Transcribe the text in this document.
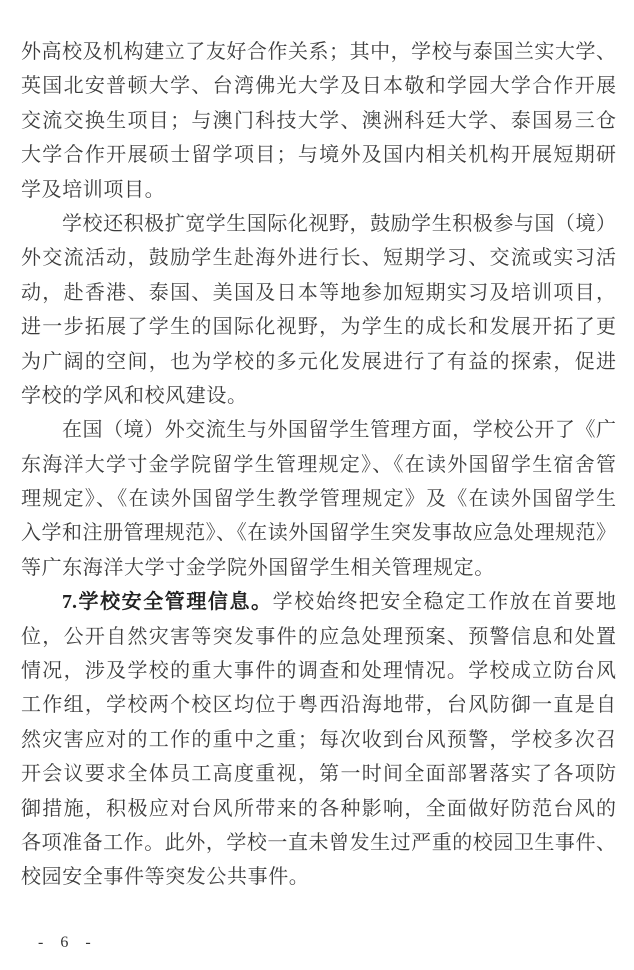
外高校及机构建立了友好合作关系；其中，学校与泰国兰实大学、
英国北安普顿大学、台湾佛光大学及日本敬和学园大学合作开展
交流交换生项目；与澳门科技大学、澳洲科廷大学、泰国易三仓
大学合作开展硕士留学项目；与境外及国内相关机构开展短期研
学及培训项目。
学校还积极扩宽学生国际化视野，鼓励学生积极参与国（境）
外交流活动，鼓励学生赴海外进行长、短期学习、交流或实习活
动，赴香港、泰国、美国及日本等地参加短期实习及培训项目，
进一步拓展了学生的国际化视野，为学生的成长和发展开拓了更
为广阔的空间，也为学校的多元化发展进行了有益的探索，促进
学校的学风和校风建设。
在国（境）外交流生与外国留学生管理方面，学校公开了《广
东海洋大学寸金学院留学生管理规定》、《在读外国留学生宿舍管
理规定》、《在读外国留学生教学管理规定》及《在读外国留学生
入学和注册管理规范》、《在读外国留学生突发事故应急处理规范》
等广东海洋大学寸金学院外国留学生相关管理规定。
7.学校安全管理信息。学校始终把安全稳定工作放在首要地
位，公开自然灾害等突发事件的应急处理预案、预警信息和处置
情况，涉及学校的重大事件的调查和处理情况。学校成立防台风
工作组，学校两个校区均位于粤西沿海地带，台风防御一直是自
然灾害应对的工作的重中之重；每次收到台风预警，学校多次召
开会议要求全体员工高度重视，第一时间全面部署落实了各项防
御措施，积极应对台风所带来的各种影响，全面做好防范台风的
各项准备工作。此外，学校一直未曾发生过严重的校园卫生事件、
校园安全事件等突发公共事件。
- 6 -
